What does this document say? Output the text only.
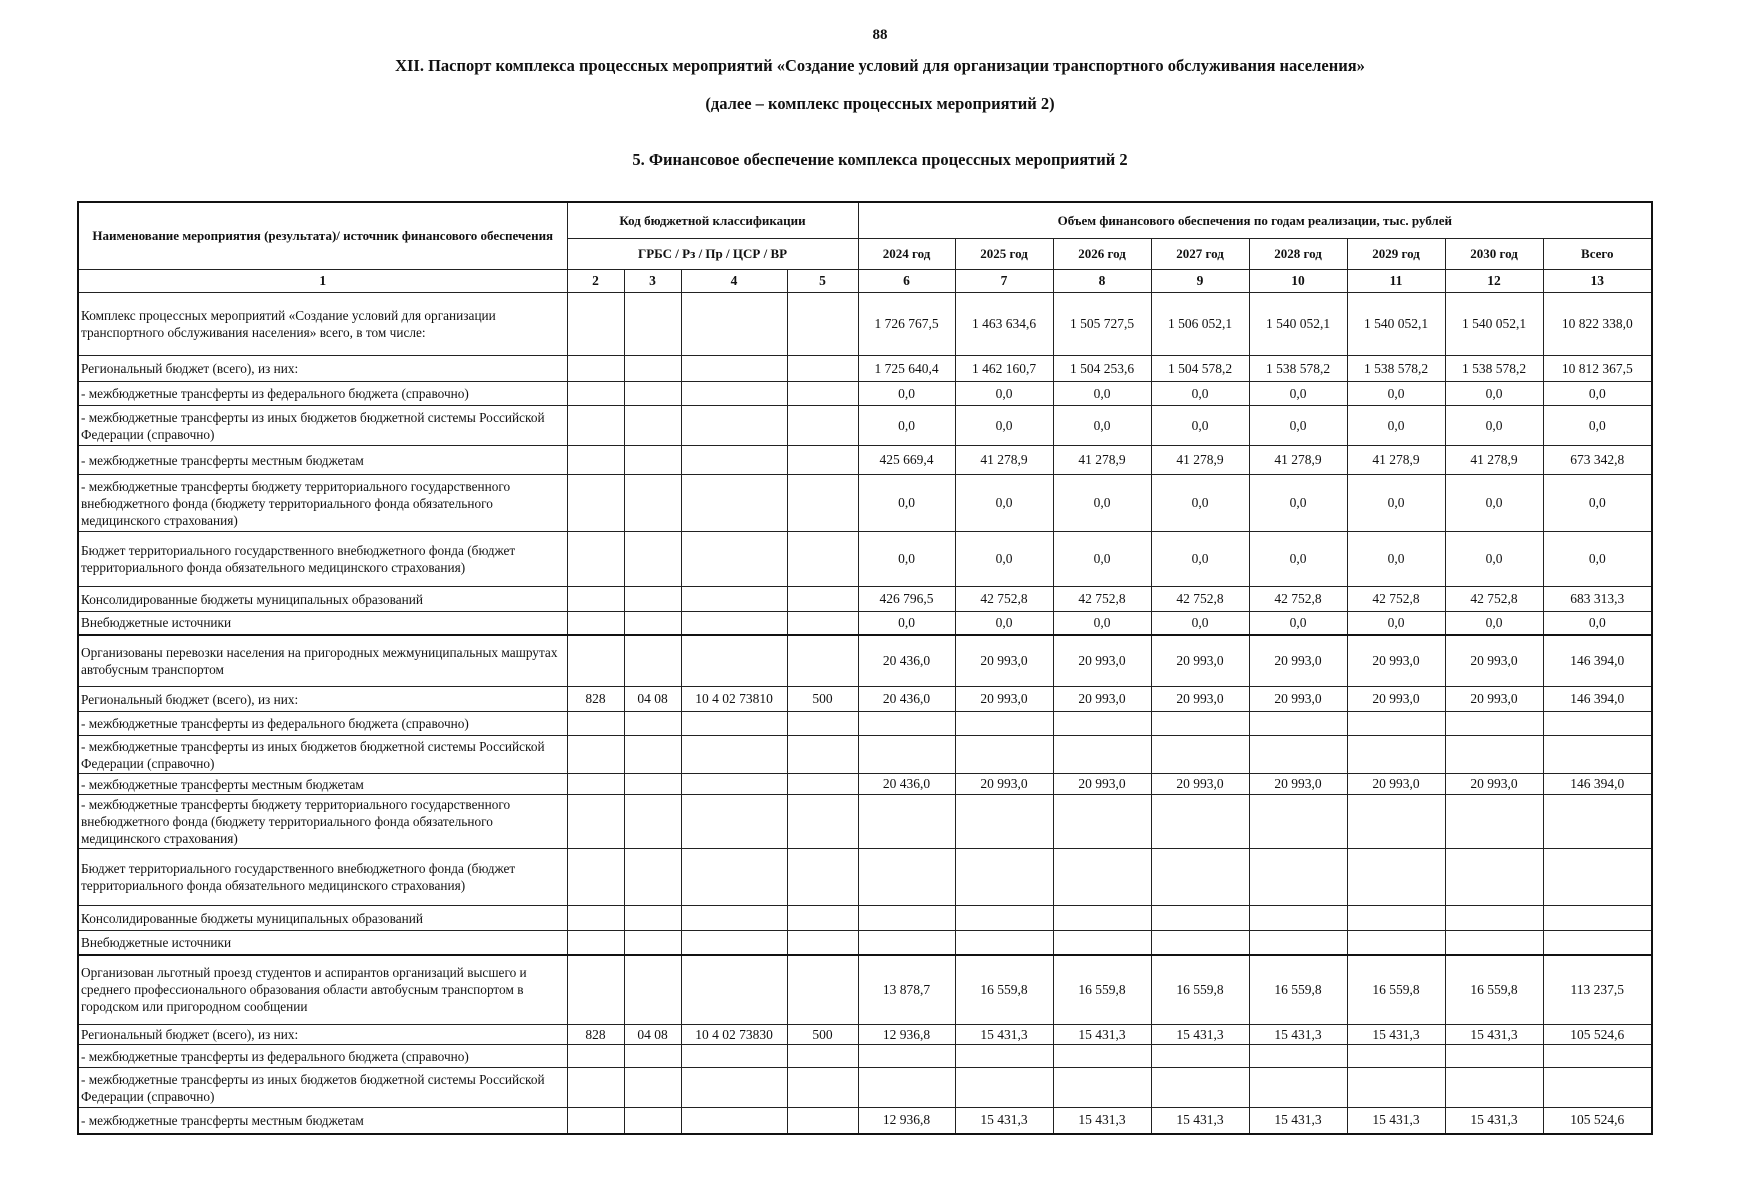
88
XII. Паспорт комплекса процессных мероприятий «Создание условий для организации транспортного обслуживания населения»
(далее – комплекс процессных мероприятий 2)
5. Финансовое обеспечение комплекса процессных мероприятий 2
Наименование мероприятия (результата)/ источник финансового обеспечения	Код бюджетной классификации				Объем финансового обеспечения по годам реализации, тыс. рублей							
	ГРБС / Рз / Пр / ЦСР / ВР				2024 год	2025 год	2026 год	2027 год	2028 год	2029 год	2030 год	Всего
1	2	3	4	5	6	7	8	9	10	11	12	13
Комплекс процессных мероприятий «Создание условий для организации транспортного обслуживания населения» всего, в том числе:					1 726 767,5	1 463 634,6	1 505 727,5	1 506 052,1	1 540 052,1	1 540 052,1	1 540 052,1	10 822 338,0
Региональный бюджет (всего), из них:					1 725 640,4	1 462 160,7	1 504 253,6	1 504 578,2	1 538 578,2	1 538 578,2	1 538 578,2	10 812 367,5
- межбюджетные трансферты из федерального бюджета (справочно)					0,0	0,0	0,0	0,0	0,0	0,0	0,0	0,0
- межбюджетные трансферты из иных бюджетов бюджетной системы Российской Федерации (справочно)					0,0	0,0	0,0	0,0	0,0	0,0	0,0	0,0
- межбюджетные трансферты местным бюджетам					425 669,4	41 278,9	41 278,9	41 278,9	41 278,9	41 278,9	41 278,9	673 342,8
- межбюджетные трансферты бюджету территориального государственного внебюджетного фонда (бюджету территориального фонда обязательного медицинского страхования)					0,0	0,0	0,0	0,0	0,0	0,0	0,0	0,0
Бюджет территориального государственного внебюджетного фонда (бюджет территориального фонда обязательного медицинского страхования)					0,0	0,0	0,0	0,0	0,0	0,0	0,0	0,0
Консолидированные бюджеты муниципальных образований					426 796,5	42 752,8	42 752,8	42 752,8	42 752,8	42 752,8	42 752,8	683 313,3
Внебюджетные источники					0,0	0,0	0,0	0,0	0,0	0,0	0,0	0,0
Организованы перевозки населения на пригородных межмуниципальных машрутах автобусным транспортом					20 436,0	20 993,0	20 993,0	20 993,0	20 993,0	20 993,0	20 993,0	146 394,0
Региональный бюджет (всего), из них:	828	04 08	10 4 02 73810	500	20 436,0	20 993,0	20 993,0	20 993,0	20 993,0	20 993,0	20 993,0	146 394,0
- межбюджетные трансферты из федерального бюджета (справочно)												
- межбюджетные трансферты из иных бюджетов бюджетной системы Российской Федерации (справочно)												
- межбюджетные трансферты местным бюджетам					20 436,0	20 993,0	20 993,0	20 993,0	20 993,0	20 993,0	20 993,0	146 394,0
- межбюджетные трансферты бюджету территориального государственного внебюджетного фонда (бюджету территориального фонда обязательного медицинского страхования)												
Бюджет территориального государственного внебюджетного фонда (бюджет территориального фонда обязательного медицинского страхования)												
Консолидированные бюджеты муниципальных образований												
Внебюджетные источники												
Организован льготный проезд студентов и аспирантов организаций высшего и среднего профессионального образования области автобусным транспортом в городском или пригородном сообщении					13 878,7	16 559,8	16 559,8	16 559,8	16 559,8	16 559,8	16 559,8	113 237,5
Региональный бюджет (всего), из них:	828	04 08	10 4 02 73830	500	12 936,8	15 431,3	15 431,3	15 431,3	15 431,3	15 431,3	15 431,3	105 524,6
- межбюджетные трансферты из федерального бюджета (справочно)												
- межбюджетные трансферты из иных бюджетов бюджетной системы Российской Федерации (справочно)												
- межбюджетные трансферты местным бюджетам					12 936,8	15 431,3	15 431,3	15 431,3	15 431,3	15 431,3	15 431,3	105 524,6
